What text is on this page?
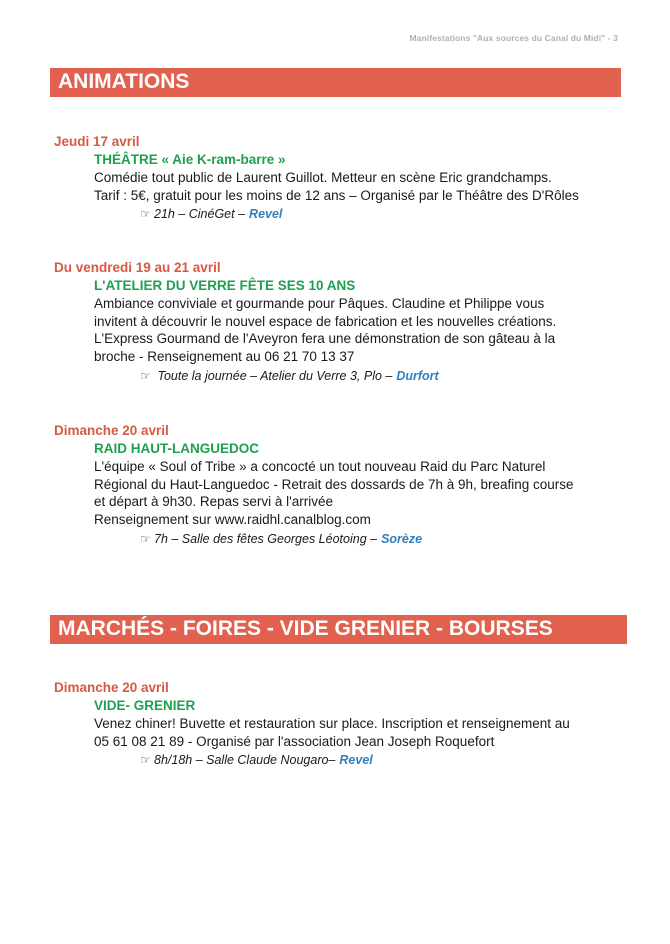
Manifestations "Aux sources du Canal du Midi" - 3
ANIMATIONS
Jeudi 17 avril
THÉÂTRE « Aie K-ram-barre »
Comédie tout public de Laurent Guillot. Metteur en scène Eric grandchamps.
Tarif : 5€, gratuit pour les moins de 12 ans – Organisé par le Théâtre des D'Rôles
☞ 21h – CinéGet – Revel
Du vendredi 19 au 21 avril
L'ATELIER DU VERRE FÊTE SES 10 ANS
Ambiance conviviale et gourmande pour Pâques. Claudine et Philippe vous
invitent à découvrir le nouvel espace de fabrication et les nouvelles créations.
L'Express Gourmand de l'Aveyron fera une démonstration de son gâteau à la
broche - Renseignement au 06 21 70 13 37
☞ Toute la journée – Atelier du Verre 3, Plo – Durfort
Dimanche 20 avril
RAID HAUT-LANGUEDOC
L'équipe « Soul of Tribe » a concocté un tout nouveau Raid du Parc Naturel
Régional du Haut-Languedoc - Retrait des dossards de 7h à 9h, breafing course
et départ à 9h30. Repas servi à l'arrivée
Renseignement sur www.raidhl.canalblog.com
☞ 7h – Salle des fêtes Georges Léotoing – Sorèze
MARCHÉS - FOIRES - VIDE GRENIER - BOURSES
Dimanche 20 avril
VIDE- GRENIER
Venez chiner! Buvette et restauration sur place. Inscription et renseignement au
05 61 08 21 89 - Organisé par l'association Jean Joseph Roquefort
☞ 8h/18h – Salle Claude Nougaro– Revel
